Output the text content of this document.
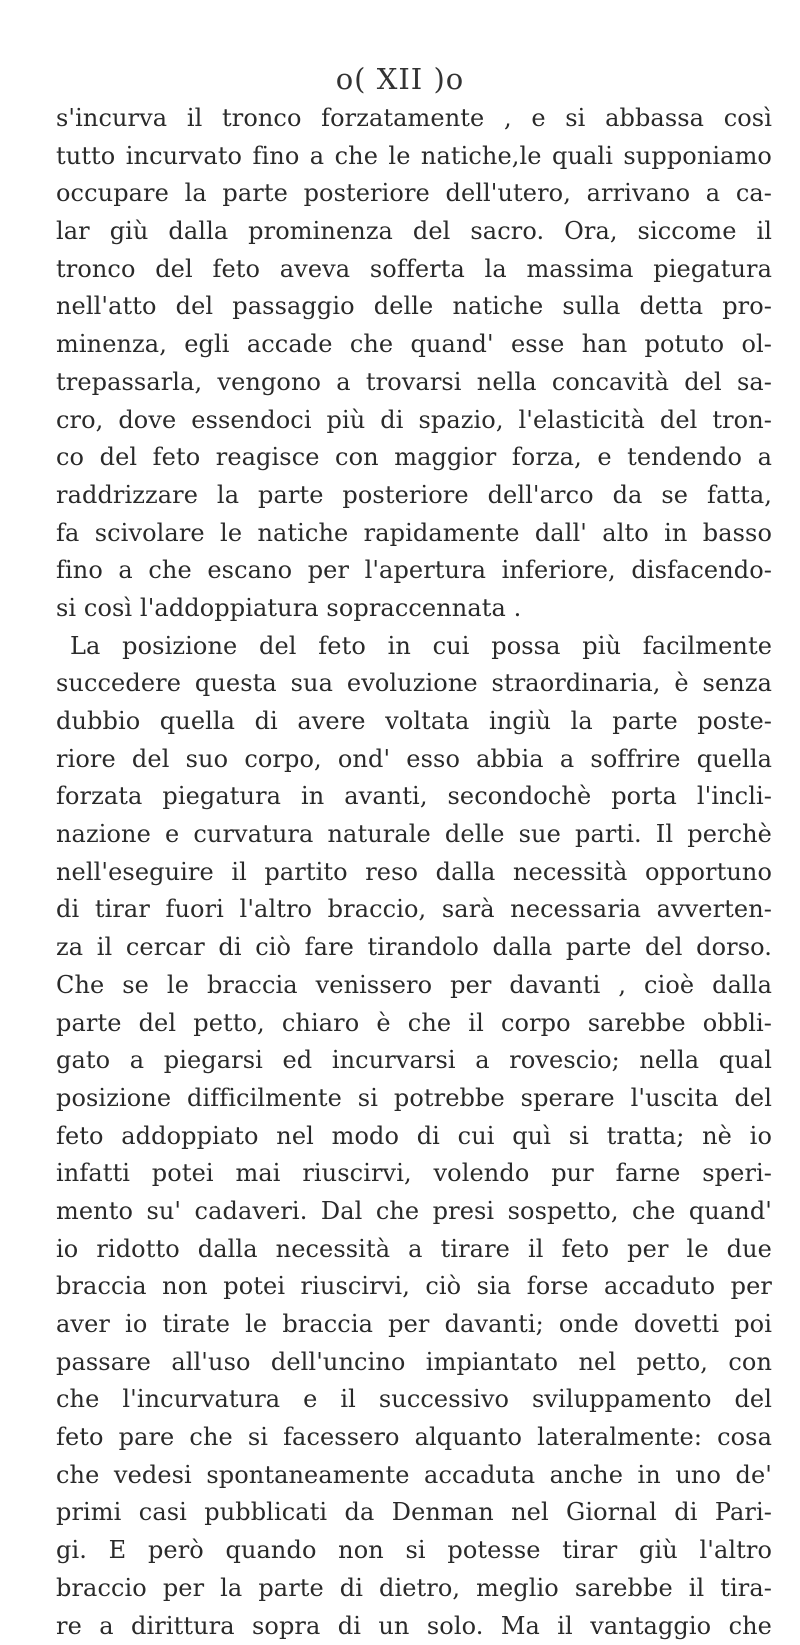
o( XII )o
s'incurva il tronco forzatamente , e si abbassa così
tutto incurvato fino a che le natiche,le quali supponiamo
occupare la parte posteriore dell'utero, arrivano a ca-
lar giù dalla prominenza del sacro. Ora, siccome il
tronco del feto aveva sofferta la massima piegatura
nell'atto del passaggio delle natiche sulla detta pro-
minenza, egli accade che quand' esse han potuto ol-
trepassarla, vengono a trovarsi nella concavità del sa-
cro, dove essendoci più di spazio, l'elasticità del tron-
co del feto reagisce con maggior forza, e tendendo a
raddrizzare la parte posteriore dell'arco da se fatta,
fa scivolare le natiche rapidamente dall' alto in basso
fino a che escano per l'apertura inferiore, disfacendo-
si così l'addoppiatura sopraccennata .
La posizione del feto in cui possa più facilmente
succedere questa sua evoluzione straordinaria, è senza
dubbio quella di avere voltata ingiù la parte poste-
riore del suo corpo, ond' esso abbia a soffrire quella
forzata piegatura in avanti, secondochè porta l'incli-
nazione e curvatura naturale delle sue parti. Il perchè
nell'eseguire il partito reso dalla necessità opportuno
di tirar fuori l'altro braccio, sarà necessaria avverten-
za il cercar di ciò fare tirandolo dalla parte del dorso.
Che se le braccia venissero per davanti , cioè dalla
parte del petto, chiaro è che il corpo sarebbe obbli-
gato a piegarsi ed incurvarsi a rovescio; nella qual
posizione difficilmente si potrebbe sperare l'uscita del
feto addoppiato nel modo di cui quì si tratta; nè io
infatti potei mai riuscirvi, volendo pur farne speri-
mento su' cadaveri. Dal che presi sospetto, che quand'
io ridotto dalla necessità a tirare il feto per le due
braccia non potei riuscirvi, ciò sia forse accaduto per
aver io tirate le braccia per davanti; onde dovetti poi
passare all'uso dell'uncino impiantato nel petto, con
che l'incurvatura e il successivo sviluppamento del
feto pare che si facessero alquanto lateralmente: cosa
che vedesi spontaneamente accaduta anche in uno de'
primi casi pubblicati da Denman nel Giornal di Pari-
gi. E però quando non si potesse tirar giù l'altro
braccio per la parte di dietro, meglio sarebbe il tira-
re a dirittura sopra di un solo. Ma il vantaggio che
